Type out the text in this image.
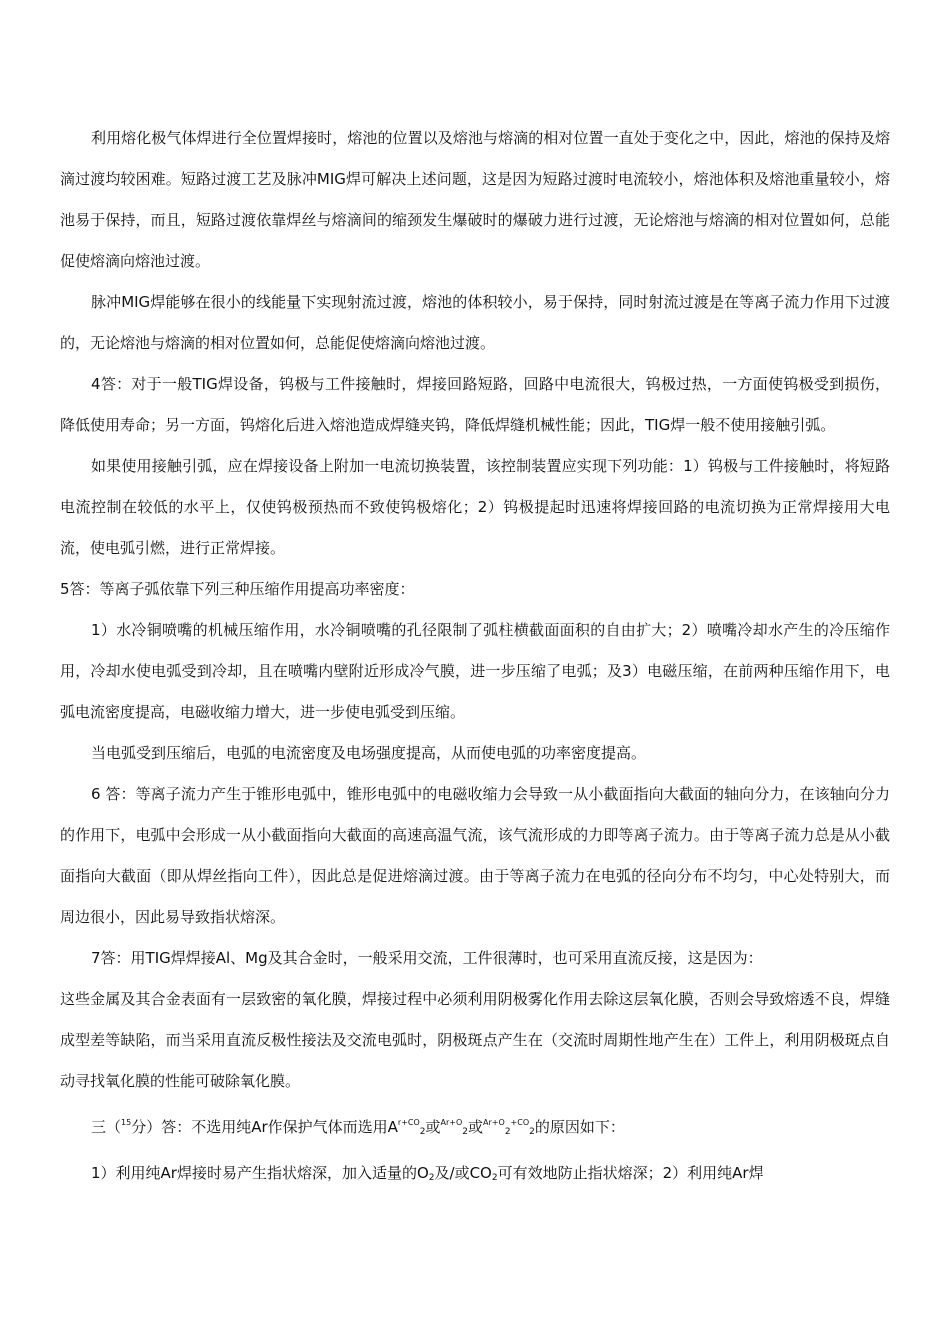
利用熔化极气体焊进行全位置焊接时，熔池的位置以及熔池与熔滴的相对位置一直处于变化之中，因此，熔池的保持及熔滴过渡均较困难。短路过渡工艺及脉冲MIG焊可解决上述问题，这是因为短路过渡时电流较小，熔池体积及熔池重量较小，熔池易于保持，而且，短路过渡依靠焊丝与熔滴间的缩颈发生爆破时的爆破力进行过渡，无论熔池与熔滴的相对位置如何，总能促使熔滴向熔池过渡。

脉冲MIG焊能够在很小的线能量下实现射流过渡，熔池的体积较小，易于保持，同时射流过渡是在等离子流力作用下过渡的，无论熔池与熔滴的相对位置如何，总能促使熔滴向熔池过渡。

4答：对于一般TIG焊设备，钨极与工件接触时，焊接回路短路，回路中电流很大，钨极过热，一方面使钨极受到损伤，降低使用寿命；另一方面，钨熔化后进入熔池造成焊缝夹钨，降低焊缝机械性能；因此，TIG焊一般不使用接触引弧。

如果使用接触引弧，应在焊接设备上附加一电流切换装置，该控制装置应实现下列功能：1）钨极与工件接触时，将短路电流控制在较低的水平上，仅使钨极预热而不致使钨极熔化；2）钨极提起时迅速将焊接回路的电流切换为正常焊接用大电流，使电弧引燃，进行正常焊接。

5答：等离子弧依靠下列三种压缩作用提高功率密度：

1）水冷铜喷嘴的机械压缩作用，水冷铜喷嘴的孔径限制了弧柱横截面面积的自由扩大；2）喷嘴冷却水产生的冷压缩作用，冷却水使电弧受到冷却，且在喷嘴内壁附近形成冷气膜，进一步压缩了电弧；及3）电磁压缩，在前两种压缩作用下，电弧电流密度提高，电磁收缩力增大，进一步使电弧受到压缩。

当电弧受到压缩后，电弧的电流密度及电场强度提高，从而使电弧的功率密度提高。

6 答：等离子流力产生于锥形电弧中，锥形电弧中的电磁收缩力会导致一从小截面指向大截面的轴向分力，在该轴向分力的作用下，电弧中会形成一从小截面指向大截面的高速高温气流，该气流形成的力即等离子流力。由于等离子流力总是从小截面指向大截面（即从焊丝指向工件），因此总是促进熔滴过渡。由于等离子流力在电弧的径向分布不均匀，中心处特别大，而周边很小，因此易导致指状熔深。

7答：用TIG焊焊接Al、Mg及其合金时，一般采用交流，工件很薄时，也可采用直流反接，这是因为：

这些金属及其合金表面有一层致密的氧化膜，焊接过程中必须利用阴极雾化作用去除这层氧化膜，否则会导致熔透不良，焊缝成型差等缺陷，而当采用直流反极性接法及交流电弧时，阴极斑点产生在（交流时周期性地产生在）工件上，利用阴极斑点自动寻找氧化膜的性能可破除氧化膜。

三（$^{15}$分）答：不选用纯Ar作保护气体而选用$A^{r+CO}_2$或$^{Ar+O}_2$或$^{Ar+O}_2^{+CO}_2$的原因如下：

1）利用纯Ar焊接时易产生指状熔深，加入适量的$O_2$及/或$CO_2$可有效地防止指状熔深；2）利用纯Ar焊
